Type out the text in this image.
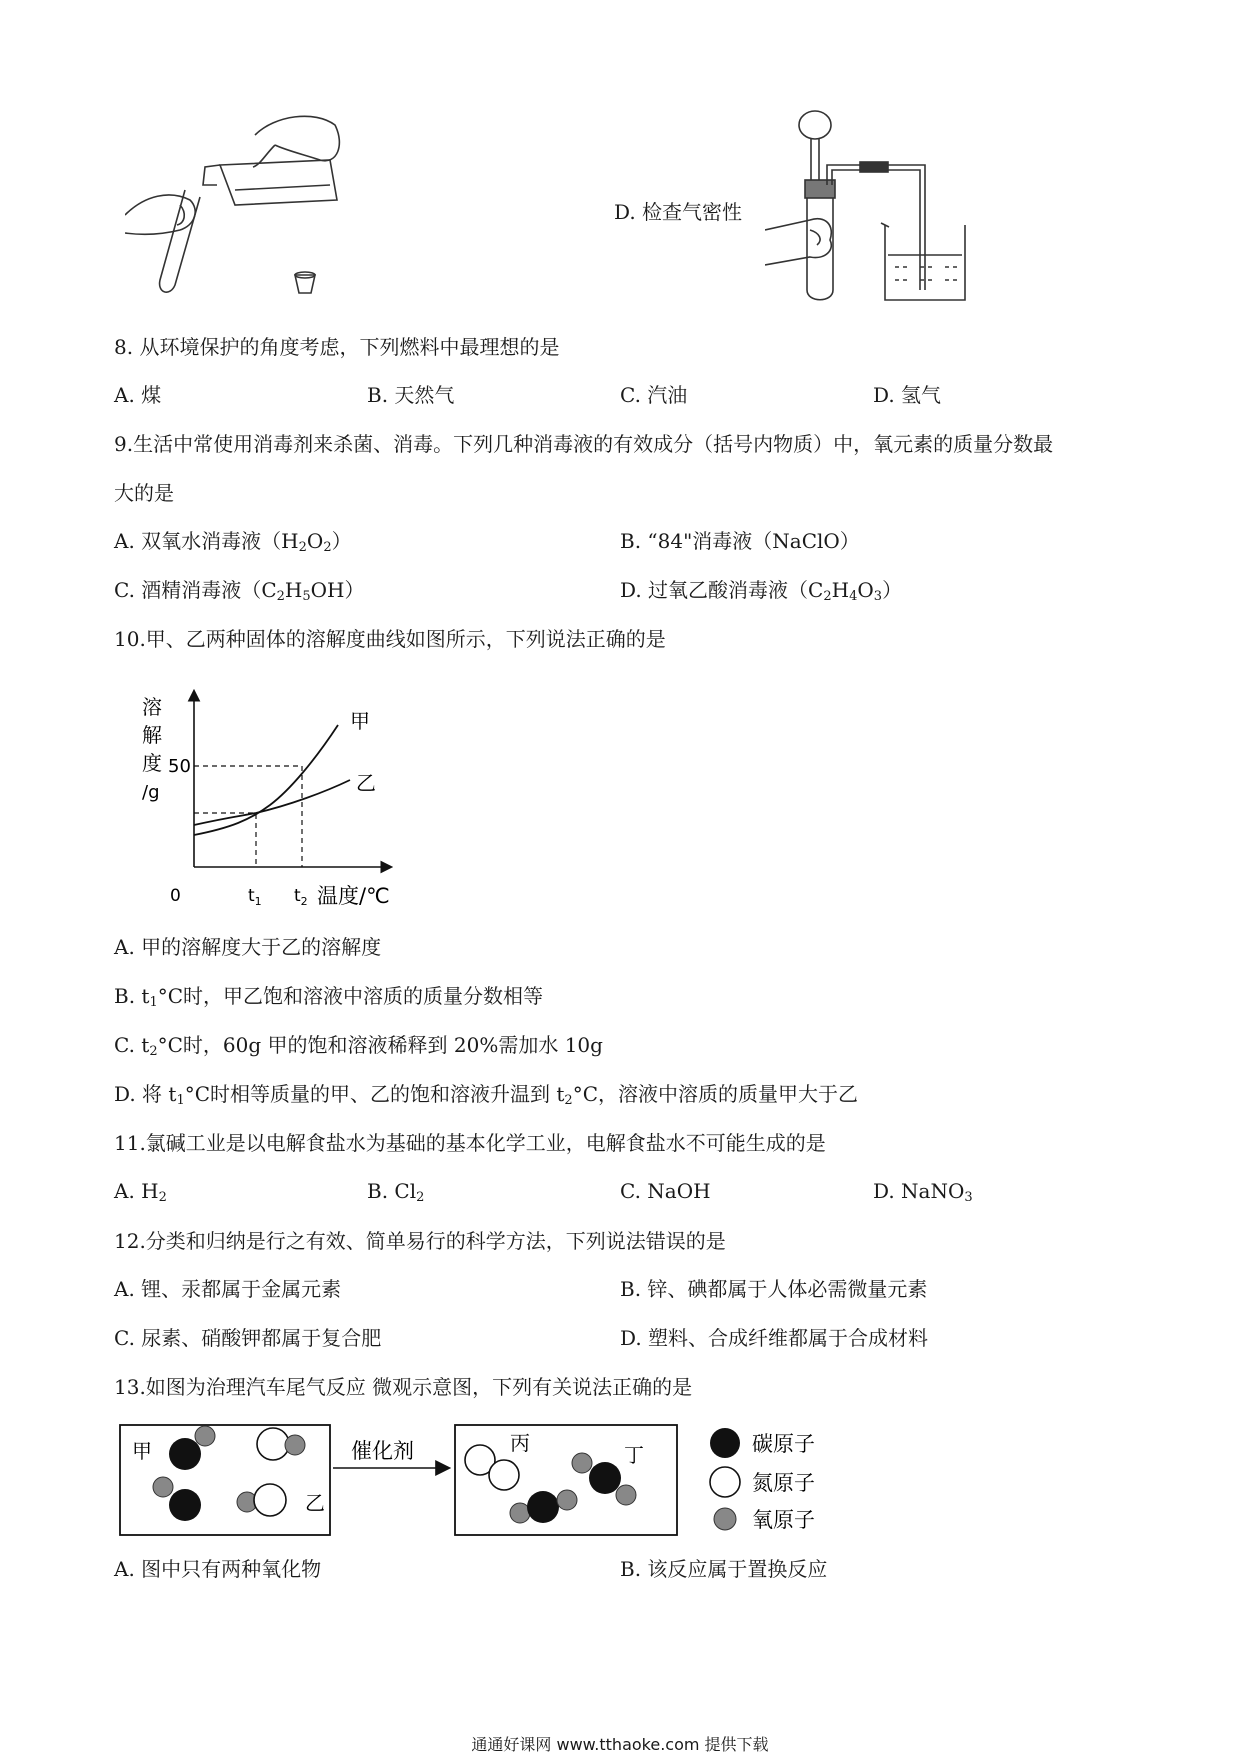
D. 检查气密性
8. 从环境保护的角度考虑，下列燃料中最理想的是
A. 煤	B. 天然气	C. 汽油	D. 氢气
9.生活中常使用消毒剂来杀菌、消毒。下列几种消毒液的有效成分（括号内物质）中，氧元素的质量分数最
大的是
A. 双氧水消毒液$(H_2O_2)$	B. “84"消毒液（NaClO）
C. 酒精消毒液$(C_2H_5OH)$	D. 过氧乙酸消毒液$(C_2H_4O_3)$
10.甲、乙两种固体的溶解度曲线如图所示，下列说法正确的是
溶
解
度
/g
50
甲
乙
0	$t_1$ $t_2$ 温度/℃
A. 甲的溶解度大于乙的溶解度
B. $t_1^\circ C$时，甲乙饱和溶液中溶质的质量分数相等
C. $t_2^\circ C$时，60g 甲的饱和溶液稀释到 20%需加水 10g
D. 将 $t_1^\circ C$时相等质量的甲、乙的饱和溶液升温到 $t_2^\circ C$，溶液中溶质的质量甲大于乙
11.氯碱工业是以电解食盐水为基础的基本化学工业，电解食盐水不可能生成的是
A. $H_2$	B. $Cl_2$	C. NaOH	D. NaNO$_3$
12.分类和归纳是行之有效、简单易行的科学方法，下列说法错误的是
A. 锂、汞都属于金属元素	B. 锌、碘都属于人体必需微量元素
C. 尿素、硝酸钾都属于复合肥	D. 塑料、合成纤维都属于合成材料
13.如图为治理汽车尾气反应 微观示意图，下列有关说法正确的是
甲
乙
催化剂	丙	丁	碳原子
氮原子
氧原子
A. 图中只有两种氧化物	B. 该反应属于置换反应
通通好课网 www.tthaoke.com 提供下载
